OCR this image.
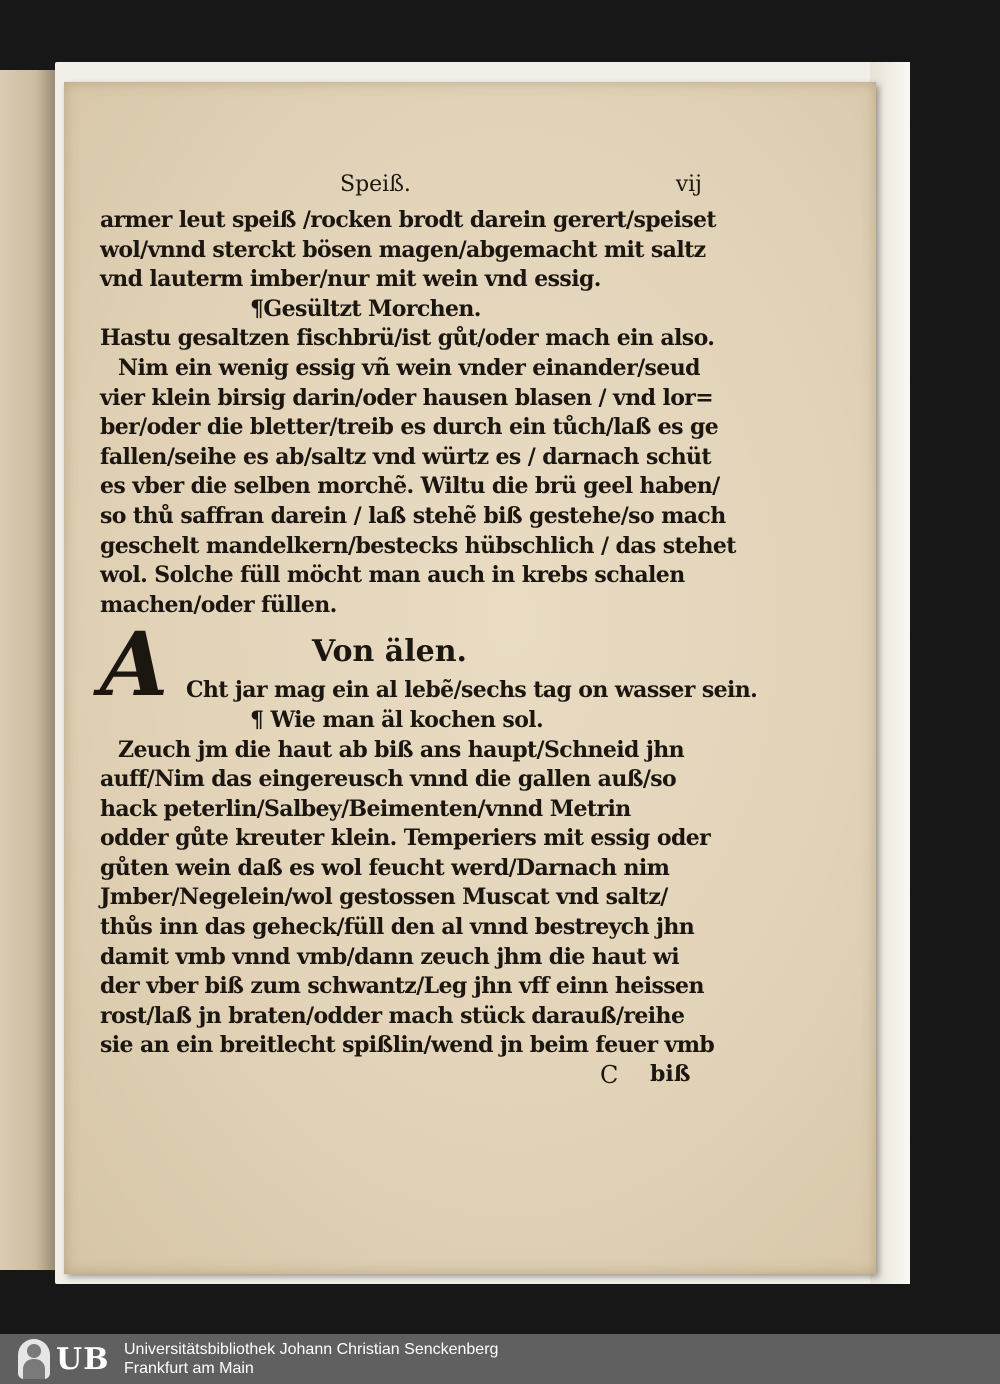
Speiß.	vij
armer leut speiß /rocken brodt darein gerert/speiset
wol/vnnd sterckt bösen magen/abgemacht mit saltz
vnd lauterm imber/nur mit wein vnd essig.
¶Gesültzt Morchen.
Hastu gesaltzen fischbrü/ist gůt/oder mach ein also.
Nim ein wenig essig vñ wein vnder einander/seud
vier klein birsig darin/oder hausen blasen / vnd lor=
ber/oder die bletter/treib es durch ein tůch/laß es ge
fallen/seihe es ab/saltz vnd würtz es / darnach schüt
es vber die selben morchẽ. Wiltu die brü geel haben/
so thů saffran darein / laß stehẽ biß gestehe/so mach
geschelt mandelkern/bestecks hübschlich / das stehet
wol. Solche füll möcht man auch in krebs schalen
machen/oder füllen.
A	Von älen.
Cht jar mag ein al lebẽ/sechs tag on wasser sein.
¶ Wie man äl kochen sol.
Zeuch jm die haut ab biß ans haupt/Schneid jhn
auff/Nim das eingereusch vnnd die gallen auß/so
hack peterlin/Salbey/Beimenten/vnnd Metrin
odder gůte kreuter klein. Temperiers mit essig oder
gůten wein daß es wol feucht werd/Darnach nim
Jmber/Negelein/wol gestossen Muscat vnd saltz/
thůs inn das geheck/füll den al vnnd bestreych jhn
damit vmb vnnd vmb/dann zeuch jhm die haut wi
der vber biß zum schwantz/Leg jhn vff einn heissen
rost/laß jn braten/odder mach stück darauß/reihe
sie an ein breitlecht spißlin/wend jn beim feuer vmb
C biß
UB Universitätsbibliothek Johann Christian Senckenberg
Frankfurt am Main
